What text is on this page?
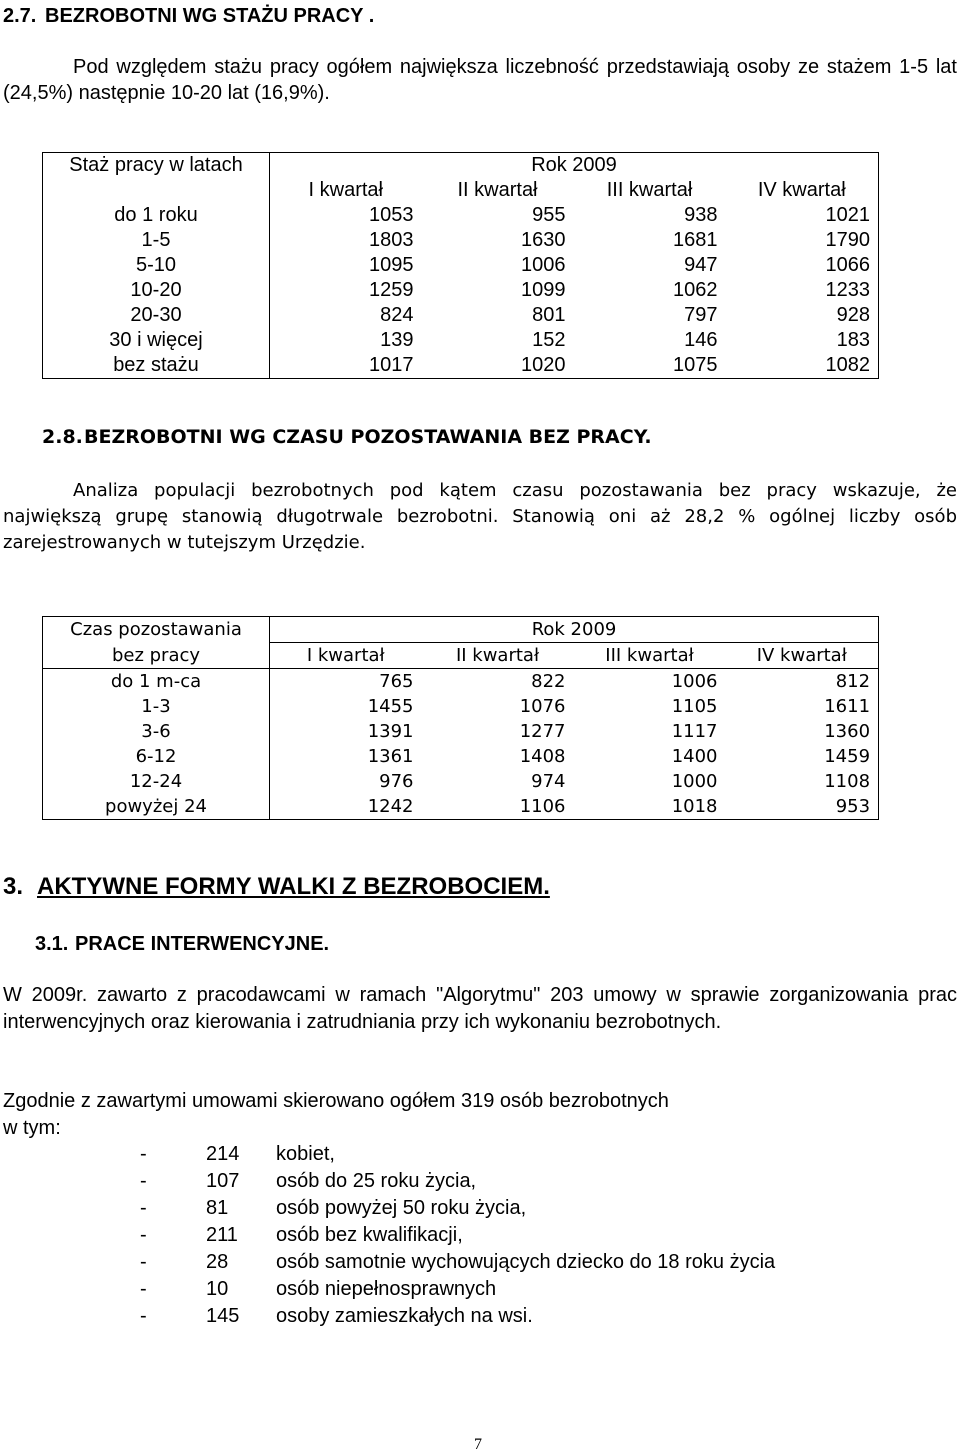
2.7. BEZROBOTNI WG STAŻU PRACY .
Pod względem stażu pracy ogółem największa liczebność przedstawiają osoby ze stażem 1-5 lat (24,5%) następnie 10-20 lat (16,9%).
Staż pracy w latach	Rok 2009			
	I kwartał	II kwartał	III kwartał	IV kwartał
do 1 roku	1053	955	938	1021
1-5	1803	1630	1681	1790
5-10	1095	1006	947	1066
10-20	1259	1099	1062	1233
20-30	824	801	797	928
30 i więcej	139	152	146	183
bez stażu	1017	1020	1075	1082
2.8.BEZROBOTNI WG CZASU POZOSTAWANIA BEZ PRACY.
Analiza populacji bezrobotnych pod kątem czasu pozostawania bez pracy wskazuje, że największą grupę stanowią długotrwale bezrobotni. Stanowią oni aż 28,2 % ogólnej liczby osób zarejestrowanych w tutejszym Urzędzie.
Czas pozostawania	Rok 2009			
bez pracy	I kwartał	II kwartał	III kwartał	IV kwartał
do 1 m-ca	765	822	1006	812
1-3	1455	1076	1105	1611
3-6	1391	1277	1117	1360
6-12	1361	1408	1400	1459
12-24	976	974	1000	1108
powyżej 24	1242	1106	1018	953
3. AKTYWNE FORMY WALKI Z BEZROBOCIEM.
3.1. PRACE INTERWENCYJNE.
W 2009r. zawarto z pracodawcami w ramach "Algorytmu" 203 umowy w sprawie zorganizowania prac interwencyjnych oraz kierowania i zatrudniania przy ich wykonaniu bezrobotnych.
Zgodnie z zawartymi umowami skierowano ogółem 319 osób bezrobotnych
w tym:
-	214 kobiet,
-	107 osób do 25 roku życia,
-	81 osób powyżej 50 roku życia,
-	211 osób bez kwalifikacji,
-	28 osób samotnie wychowujących dziecko do 18 roku życia
-	10 osób niepełnosprawnych
-	145 osoby zamieszkałych na wsi.
7
